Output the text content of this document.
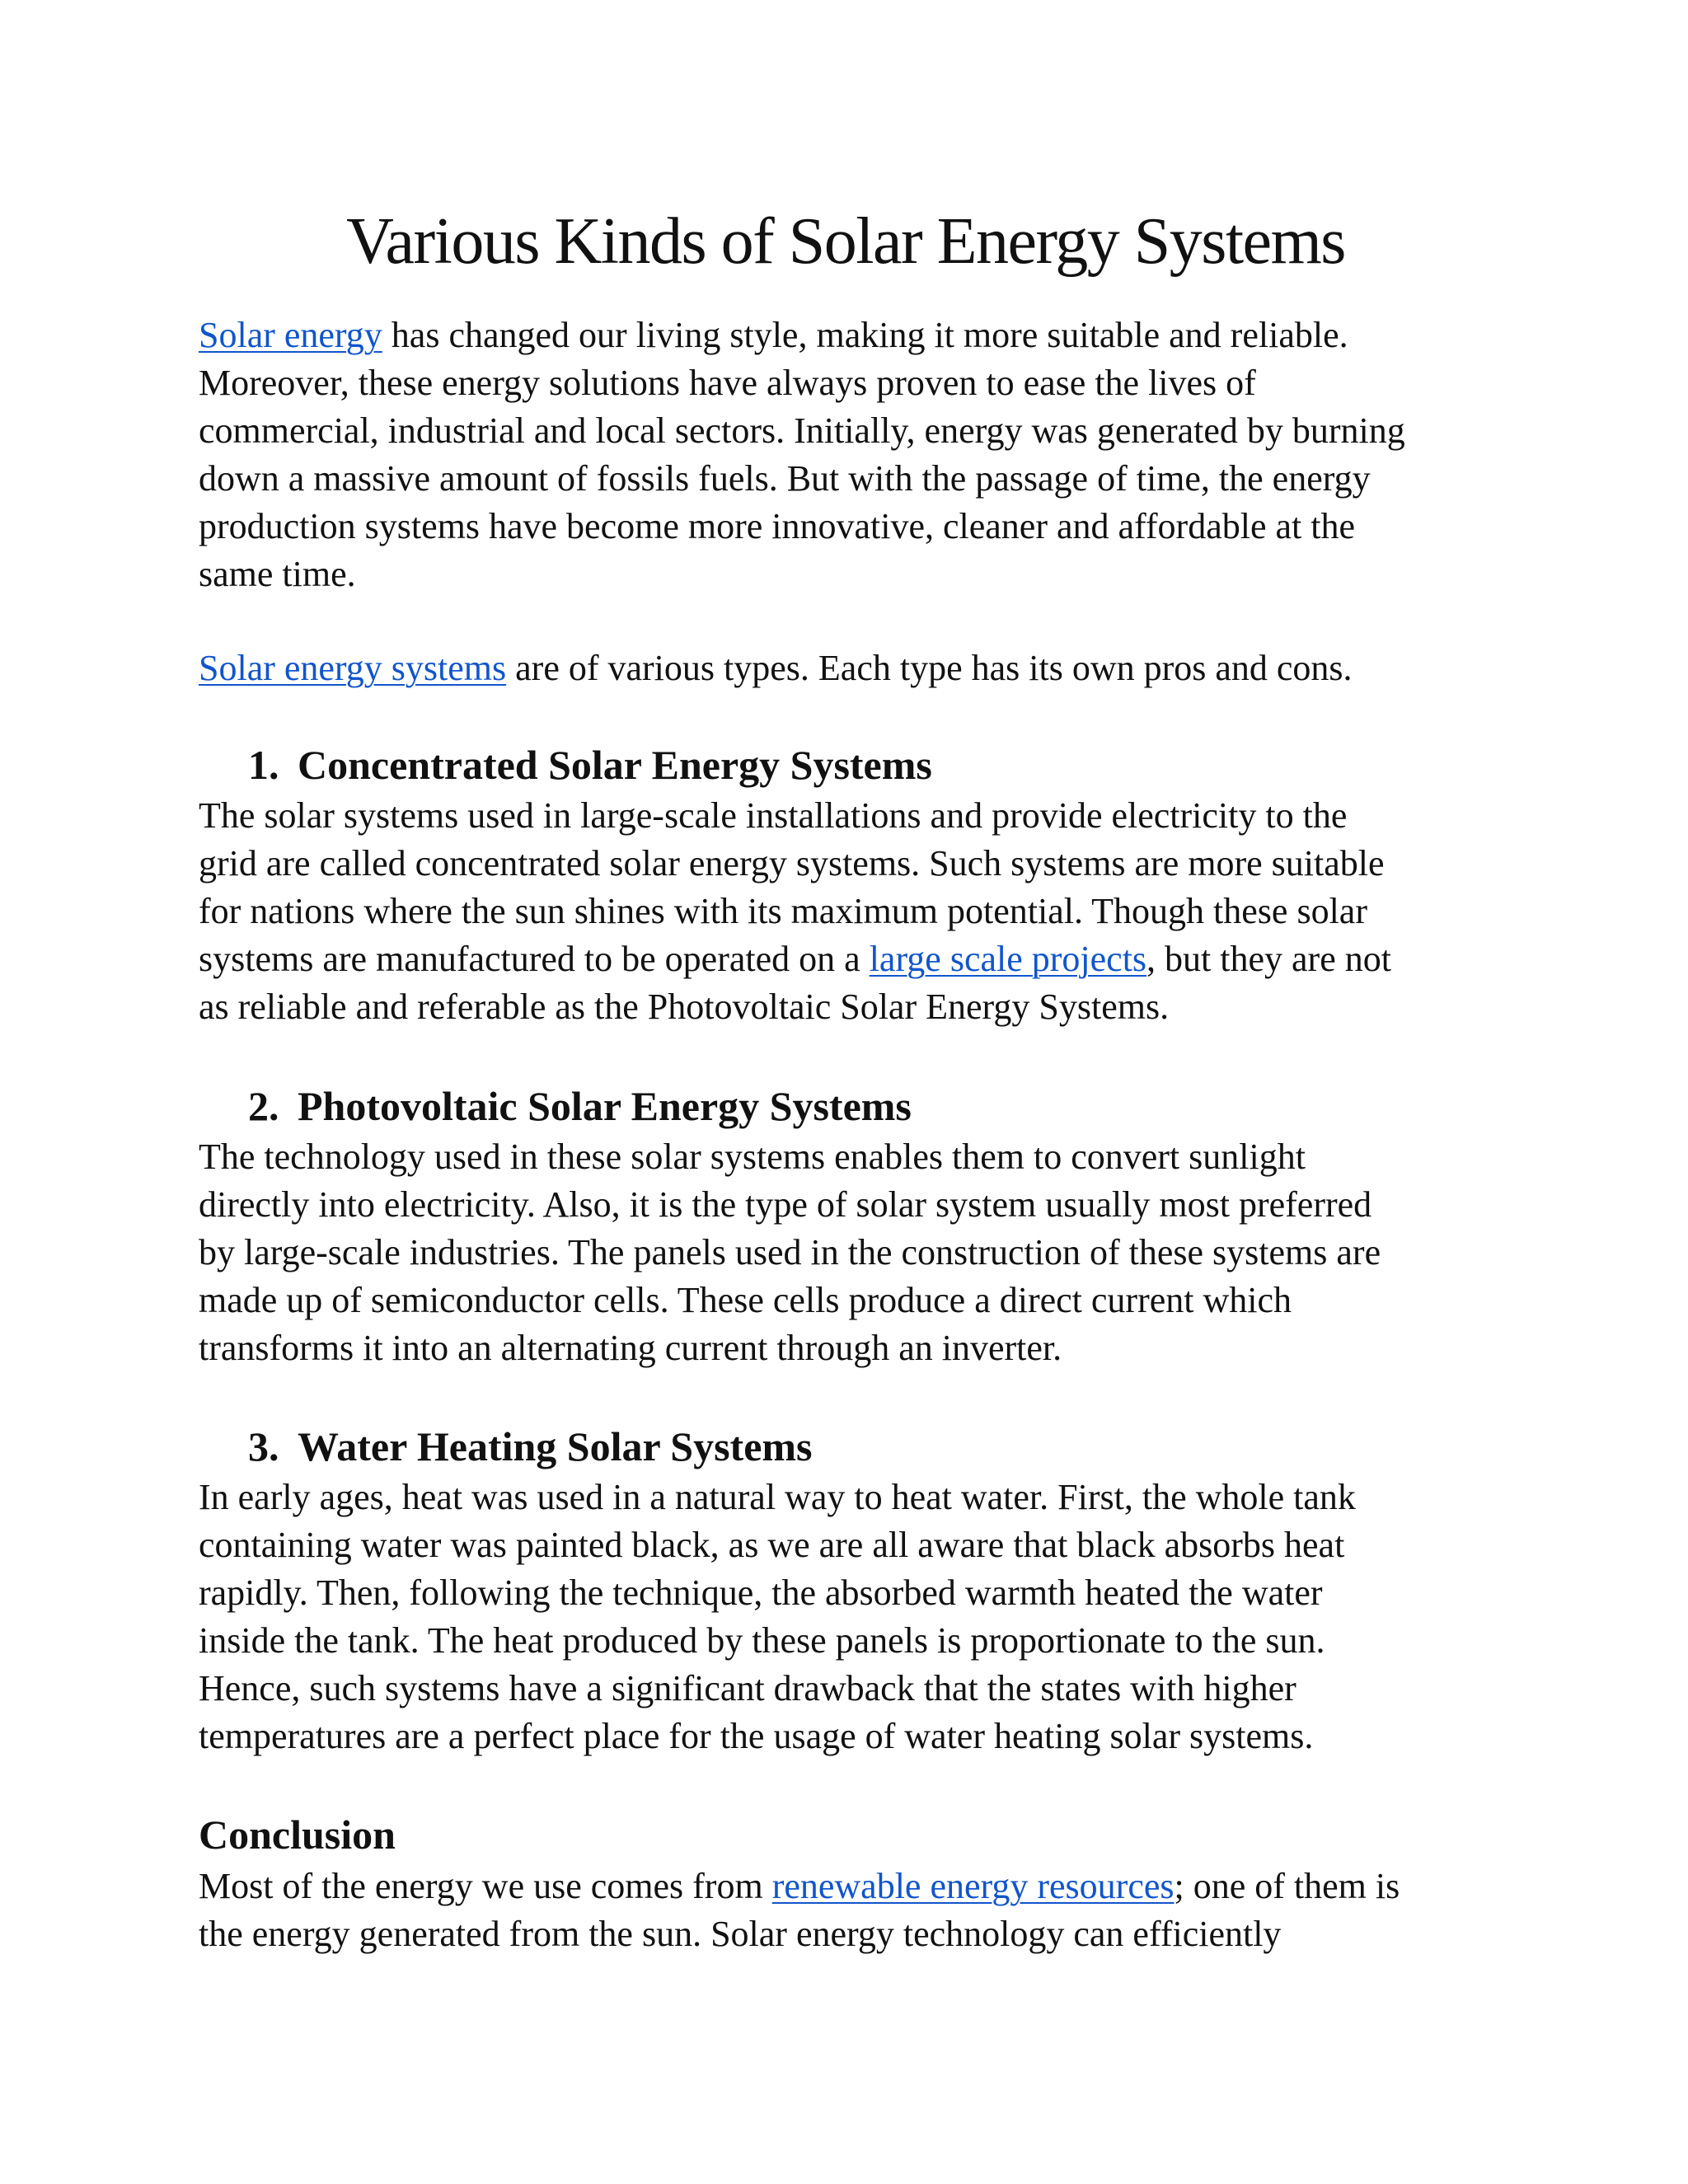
Various Kinds of Solar Energy Systems

Solar energy has changed our living style, making it more suitable and reliable.
Moreover, these energy solutions have always proven to ease the lives of
commercial, industrial and local sectors. Initially, energy was generated by burning
down a massive amount of fossils fuels. But with the passage of time, the energy
production systems have become more innovative, cleaner and affordable at the
same time.

Solar energy systems are of various types. Each type has its own pros and cons.

1. Concentrated Solar Energy Systems

The solar systems used in large-scale installations and provide electricity to the
grid are called concentrated solar energy systems. Such systems are more suitable
for nations where the sun shines with its maximum potential. Though these solar
systems are manufactured to be operated on a large scale projects, but they are not
as reliable and referable as the Photovoltaic Solar Energy Systems.

2. Photovoltaic Solar Energy Systems

The technology used in these solar systems enables them to convert sunlight
directly into electricity. Also, it is the type of solar system usually most preferred
by large-scale industries. The panels used in the construction of these systems are
made up of semiconductor cells. These cells produce a direct current which
transforms it into an alternating current through an inverter.

3. Water Heating Solar Systems

In early ages, heat was used in a natural way to heat water. First, the whole tank
containing water was painted black, as we are all aware that black absorbs heat
rapidly. Then, following the technique, the absorbed warmth heated the water
inside the tank. The heat produced by these panels is proportionate to the sun.
Hence, such systems have a significant drawback that the states with higher
temperatures are a perfect place for the usage of water heating solar systems.

Conclusion

Most of the energy we use comes from renewable energy resources; one of them is
the energy generated from the sun. Solar energy technology can efficiently
